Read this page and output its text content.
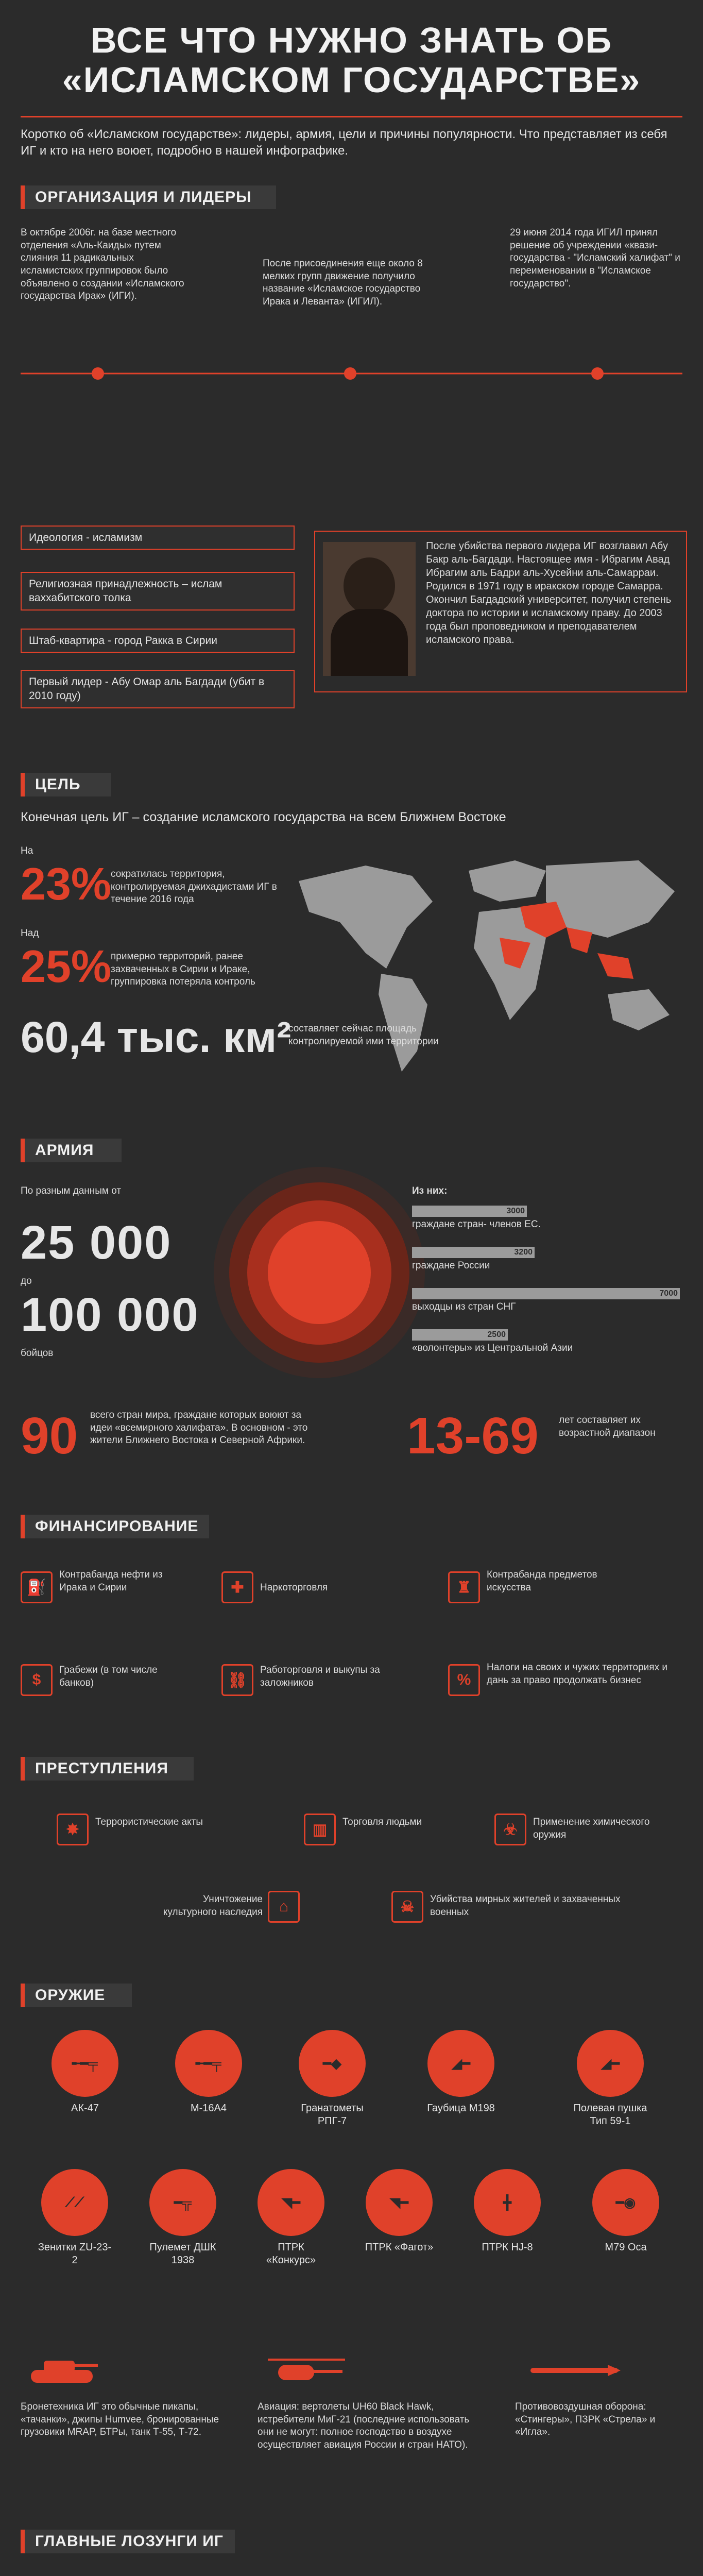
ВСЕ ЧТО НУЖНО ЗНАТЬ ОБ
«ИСЛАМСКОМ ГОСУДАРСТВЕ»
Коротко об «Исламском государстве»: лидеры, армия, цели и причины популярности. Что представляет из себя ИГ и кто на него воюет, подробно в нашей инфографике.
ОРГАНИЗАЦИЯ И ЛИДЕРЫ
В октябре 2006г. на базе местного отделения «Аль-Каиды» путем слияния 11 радикальных исламистских группировок было объявлено о создании «Исламского государства Ирак» (ИГИ).
После присоединения еще около 8 мелких групп движение получило название «Исламское государство Ирака и Леванта» (ИГИЛ).
29 июня 2014 года ИГИЛ принял решение об учреждении «квази-государства - "Исламский халифат" и переименовании в "Исламское государство".
Идеология - исламизм
Религиозная принадлежность – ислам ваххабитского толка
Штаб-квартира - город Ракка в Сирии
Первый лидер - Абу Омар аль Багдади (убит в 2010 году)
После убийства первого лидера ИГ возглавил Абу Бакр аль-Багдади. Настоящее имя - Ибрагим Авад Ибрагим аль Бадри аль-Хусейни аль-Самарраи. Родился в 1971 году в иракском городе Самарра. Окончил Багдадский университет, получил степень доктора по истории и исламскому праву. До 2003 года был проповедником и преподавателем исламского права.
ЦЕЛЬ
Конечная цель ИГ – создание исламского государства на всем Ближнем Востоке
На
23%
сократилась территория, контролируемая джихадистами ИГ в течение 2016 года
Над
25%
примерно территорий, ранее захваченных в Сирии и Ираке, группировка потеряла контроль
60,4 тыс. км²
составляет сейчас площадь контролируемой ими территории
АРМИЯ
По разным данным от
25 000
до
100 000
бойцов
Из них:
3000
граждане стран- членов ЕС.
3200
граждане России
7000
выходцы из стран СНГ
2500
«волонтеры» из Центральной Азии
90 всего стран мира, граждане которых воюют за идеи «всемирного халифата». В основном - это жители Ближнего Востока и Северной Африки. 13-69 лет составляет их возрастной диапазон
ФИНАНСИРОВАНИЕ
⛽
Контрабанда нефти из Ирака и Сирии	✚	Наркоторговля	♜
Контрабанда предметов искусства
$
Грабежи (в том числе банков)	⛓
Работорговля и выкупы за заложников	%
Налоги на своих и чужих территориях и дань за право продолжать бизнес
ПРЕСТУПЛЕНИЯ
✸	Террористические акты	▥	Торговля людьми	☣	Применение химического оружия
⌂
Уничтожение культурного наследия	☠	Убийства мирных жителей и захваченных военных
ОРУЖИЕ
╾━╤
АК-47
╾━╤
М-16А4
━◆
Гранатометы РПГ-7
◢━
Гаубица М198
◢━
Полевая пушка Тип 59-1
⟋⟋
Зенитки ZU-23-2
━╦
Пулемет ДШК 1938
◥━
ПТРК «Конкурс»
◥━
ПТРК «Фагот»
╋
ПТРК HJ-8
━◉
M79 Оса
Бронетехника ИГ это обычные пикапы, «тачанки», джипы Humvee, бронированные грузовики MRAP, БТРы, танк Т-55, Т-72.
Авиация: вертолеты UH60 Black Hawk, истребители МиГ-21 (последние использовать они не могут: полное господство в воздухе осуществляет авиация России и стран НАТО).
Противовоздушная оборона: «Стингеры», ПЗРК «Стрела» и «Игла».
ГЛАВНЫЕ ЛОЗУНГИ ИГ
